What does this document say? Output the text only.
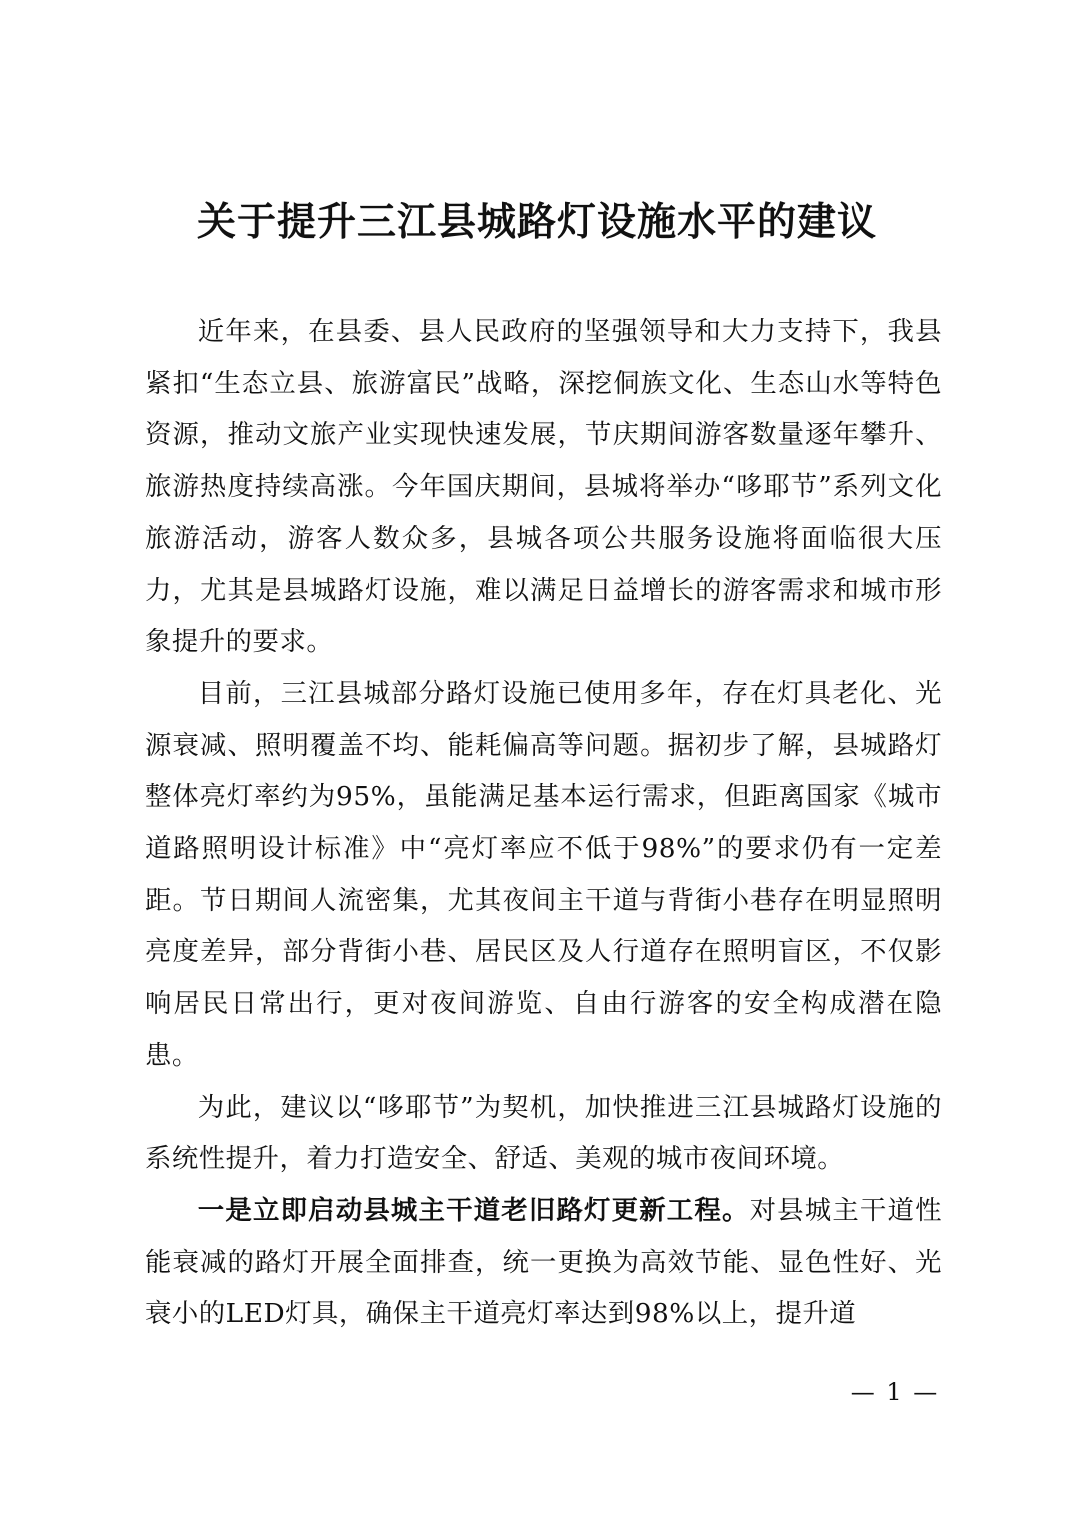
关于提升三江县城路灯设施水平的建议

近年来，在县委、县人民政府的坚强领导和大力支持下，我县紧扣“生态立县、旅游富民”战略，深挖侗族文化、生态山水等特色资源，推动文旅产业实现快速发展，节庆期间游客数量逐年攀升、旅游热度持续高涨。今年国庆期间，县城将举办“哆耶节”系列文化旅游活动，游客人数众多，县城各项公共服务设施将面临很大压力，尤其是县城路灯设施，难以满足日益增长的游客需求和城市形象提升的要求。

目前，三江县城部分路灯设施已使用多年，存在灯具老化、光源衰减、照明覆盖不均、能耗偏高等问题。据初步了解，县城路灯整体亮灯率约为95%，虽能满足基本运行需求，但距离国家《城市道路照明设计标准》中“亮灯率应不低于98%”的要求仍有一定差距。节日期间人流密集，尤其夜间主干道与背街小巷存在明显照明亮度差异，部分背街小巷、居民区及人行道存在照明盲区，不仅影响居民日常出行，更对夜间游览、自由行游客的安全构成潜在隐患。

为此，建议以“哆耶节”为契机，加快推进三江县城路灯设施的系统性提升，着力打造安全、舒适、美观的城市夜间环境。

一是立即启动县城主干道老旧路灯更新工程。对县城主干道性能衰减的路灯开展全面排查，统一更换为高效节能、显色性好、光衰小的LED灯具，确保主干道亮灯率达到98%以上，提升道

— 1 —
